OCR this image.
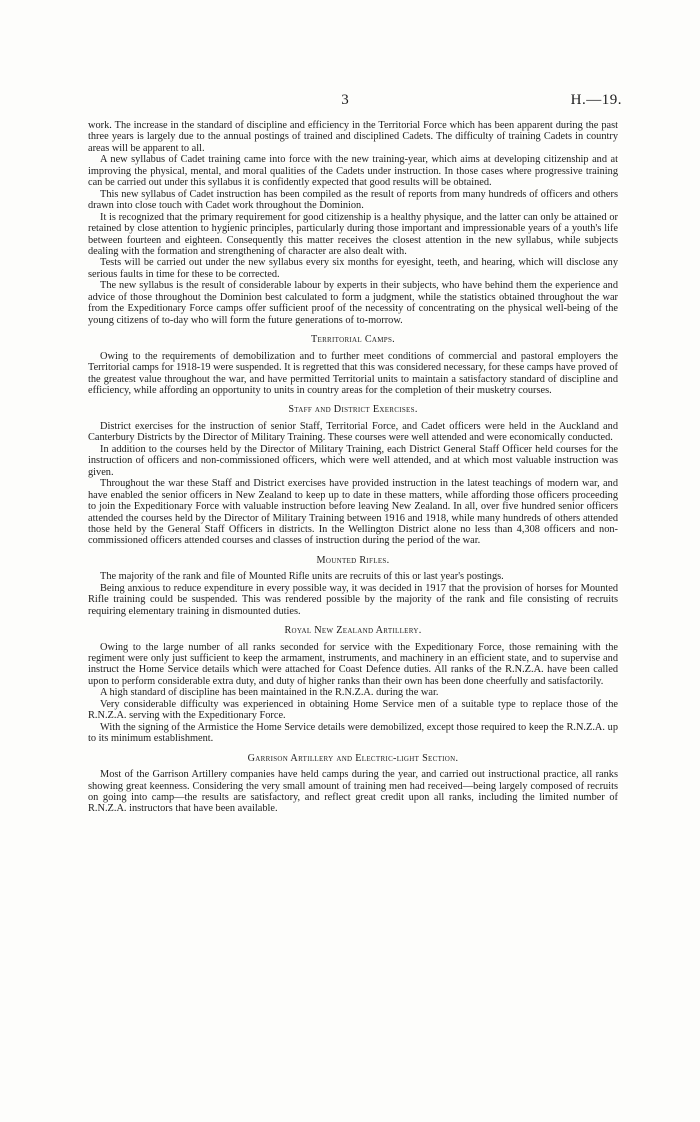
3	H.—19.

work. The increase in the standard of discipline and efficiency in the Territorial Force which has been apparent during the past three years is largely due to the annual postings of trained and disciplined Cadets. The difficulty of training Cadets in country areas will be apparent to all.

A new syllabus of Cadet training came into force with the new training-year, which aims at developing citizenship and at improving the physical, mental, and moral qualities of the Cadets under instruction. In those cases where progressive training can be carried out under this syllabus it is confidently expected that good results will be obtained.

This new syllabus of Cadet instruction has been compiled as the result of reports from many hundreds of officers and others drawn into close touch with Cadet work throughout the Dominion.

It is recognized that the primary requirement for good citizenship is a healthy physique, and the latter can only be attained or retained by close attention to hygienic principles, particularly during those important and impressionable years of a youth's life between fourteen and eighteen. Consequently this matter receives the closest attention in the new syllabus, while subjects dealing with the formation and strengthening of character are also dealt with.

Tests will be carried out under the new syllabus every six months for eyesight, teeth, and hearing, which will disclose any serious faults in time for these to be corrected.

The new syllabus is the result of considerable labour by experts in their subjects, who have behind them the experience and advice of those throughout the Dominion best calculated to form a judgment, while the statistics obtained throughout the war from the Expeditionary Force camps offer sufficient proof of the necessity of concentrating on the physical well-being of the young citizens of to-day who will form the future generations of to-morrow.

Territorial Camps.

Owing to the requirements of demobilization and to further meet conditions of commercial and pastoral employers the Territorial camps for 1918-19 were suspended. It is regretted that this was considered necessary, for these camps have proved of the greatest value throughout the war, and have permitted Territorial units to maintain a satisfactory standard of discipline and efficiency, while affording an opportunity to units in country areas for the completion of their musketry courses.

Staff and District Exercises.

District exercises for the instruction of senior Staff, Territorial Force, and Cadet officers were held in the Auckland and Canterbury Districts by the Director of Military Training. These courses were well attended and were economically conducted.

In addition to the courses held by the Director of Military Training, each District General Staff Officer held courses for the instruction of officers and non-commissioned officers, which were well attended, and at which most valuable instruction was given.

Throughout the war these Staff and District exercises have provided instruction in the latest teachings of modern war, and have enabled the senior officers in New Zealand to keep up to date in these matters, while affording those officers proceeding to join the Expeditionary Force with valuable instruction before leaving New Zealand. In all, over five hundred senior officers attended the courses held by the Director of Military Training between 1916 and 1918, while many hundreds of others attended those held by the General Staff Officers in districts. In the Wellington District alone no less than 4,308 officers and non-commissioned officers attended courses and classes of instruction during the period of the war.

Mounted Rifles.

The majority of the rank and file of Mounted Rifle units are recruits of this or last year's postings.

Being anxious to reduce expenditure in every possible way, it was decided in 1917 that the provision of horses for Mounted Rifle training could be suspended. This was rendered possible by the majority of the rank and file consisting of recruits requiring elementary training in dismounted duties.

Royal New Zealand Artillery.

Owing to the large number of all ranks seconded for service with the Expeditionary Force, those remaining with the regiment were only just sufficient to keep the armament, instruments, and machinery in an efficient state, and to supervise and instruct the Home Service details which were attached for Coast Defence duties. All ranks of the R.N.Z.A. have been called upon to perform considerable extra duty, and duty of higher ranks than their own has been done cheerfully and satisfactorily.

A high standard of discipline has been maintained in the R.N.Z.A. during the war.

Very considerable difficulty was experienced in obtaining Home Service men of a suitable type to replace those of the R.N.Z.A. serving with the Expeditionary Force.

With the signing of the Armistice the Home Service details were demobilized, except those required to keep the R.N.Z.A. up to its minimum establishment.

Garrison Artillery and Electric-light Section.

Most of the Garrison Artillery companies have held camps during the year, and carried out instructional practice, all ranks showing great keenness. Considering the very small amount of training men had received—being largely composed of recruits on going into camp—the results are satisfactory, and reflect great credit upon all ranks, including the limited number of R.N.Z.A. instructors that have been available.
